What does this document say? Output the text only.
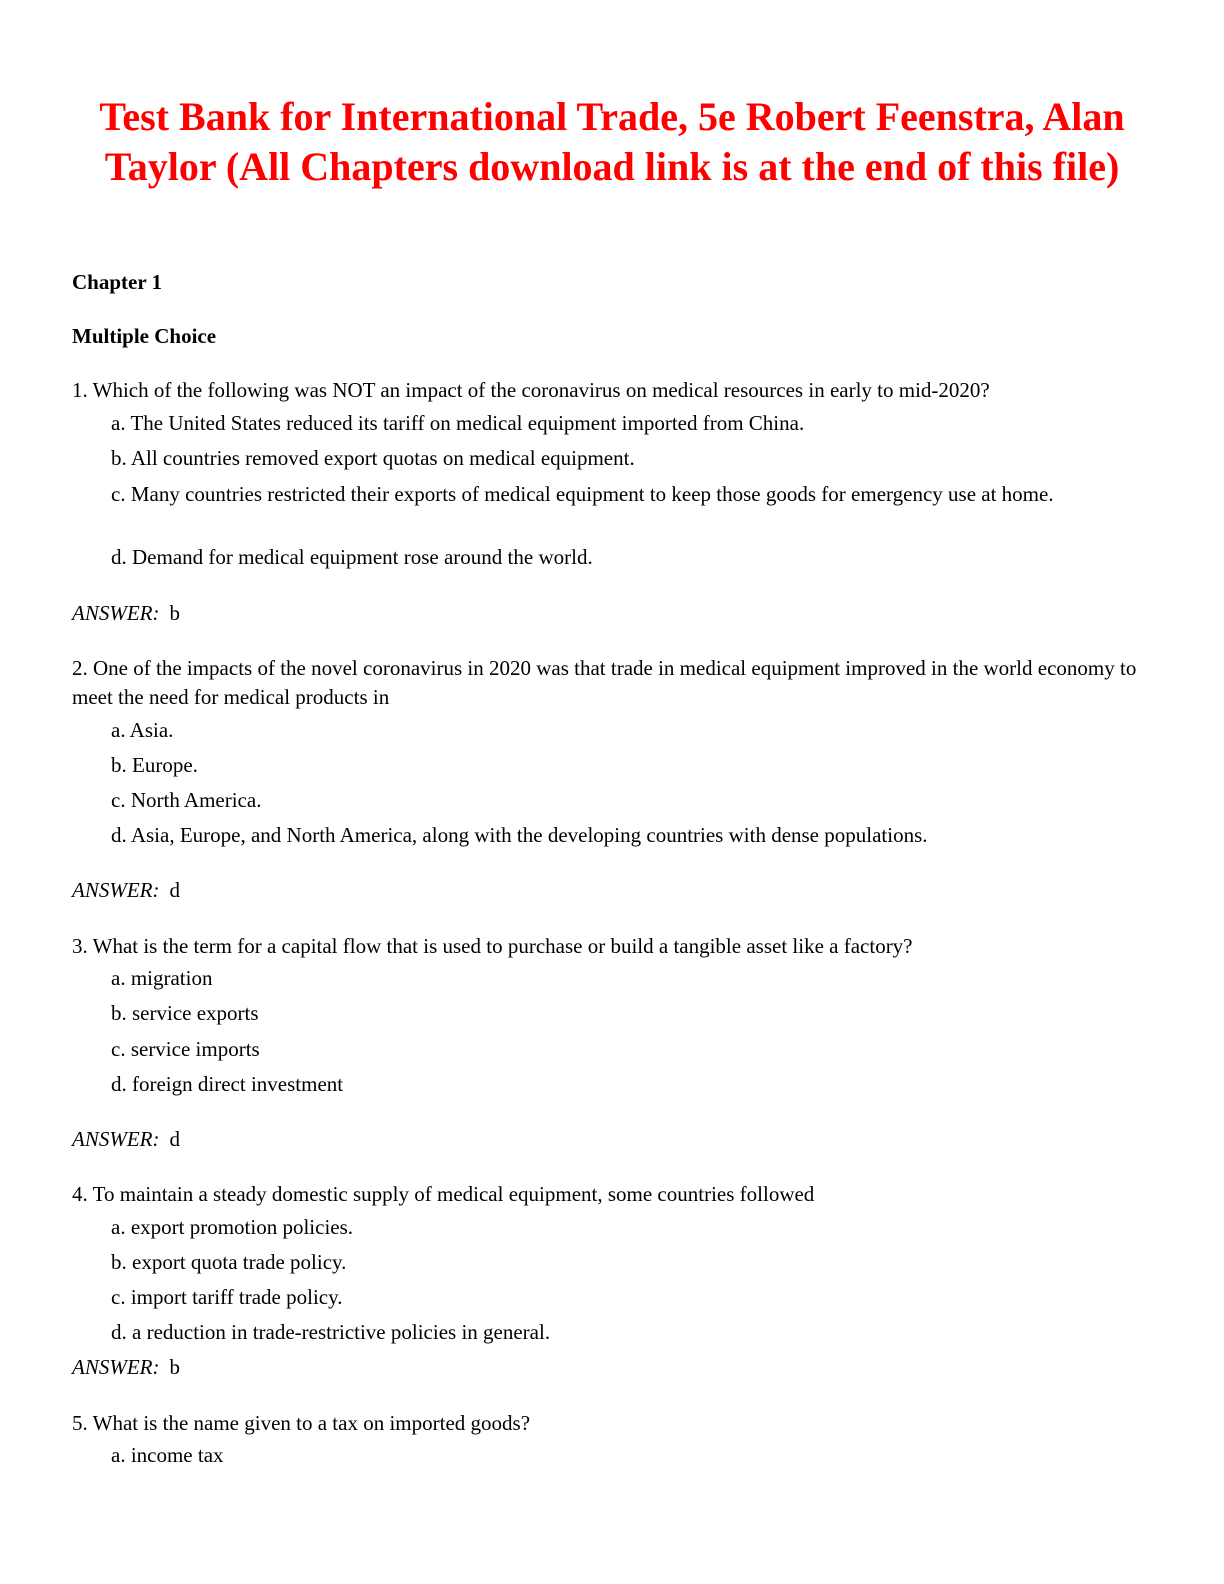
Test Bank for International Trade, 5e Robert Feenstra, Alan Taylor (All Chapters download link is at the end of this file)

Chapter 1

Multiple Choice

1. Which of the following was NOT an impact of the coronavirus on medical resources in early to mid-2020?

a. The United States reduced its tariff on medical equipment imported from China.

b. All countries removed export quotas on medical equipment.

c. Many countries restricted their exports of medical equipment to keep those goods for emergency use at home.

d. Demand for medical equipment rose around the world.

ANSWER: b

2. One of the impacts of the novel coronavirus in 2020 was that trade in medical equipment improved in the world economy to meet the need for medical products in

a. Asia.

b. Europe.

c. North America.

d. Asia, Europe, and North America, along with the developing countries with dense populations.

ANSWER: d

3. What is the term for a capital flow that is used to purchase or build a tangible asset like a factory?

a. migration

b. service exports

c. service imports

d. foreign direct investment

ANSWER: d

4. To maintain a steady domestic supply of medical equipment, some countries followed

a. export promotion policies.

b. export quota trade policy.

c. import tariff trade policy.

d. a reduction in trade-restrictive policies in general.

ANSWER: b

5. What is the name given to a tax on imported goods?

a. income tax
